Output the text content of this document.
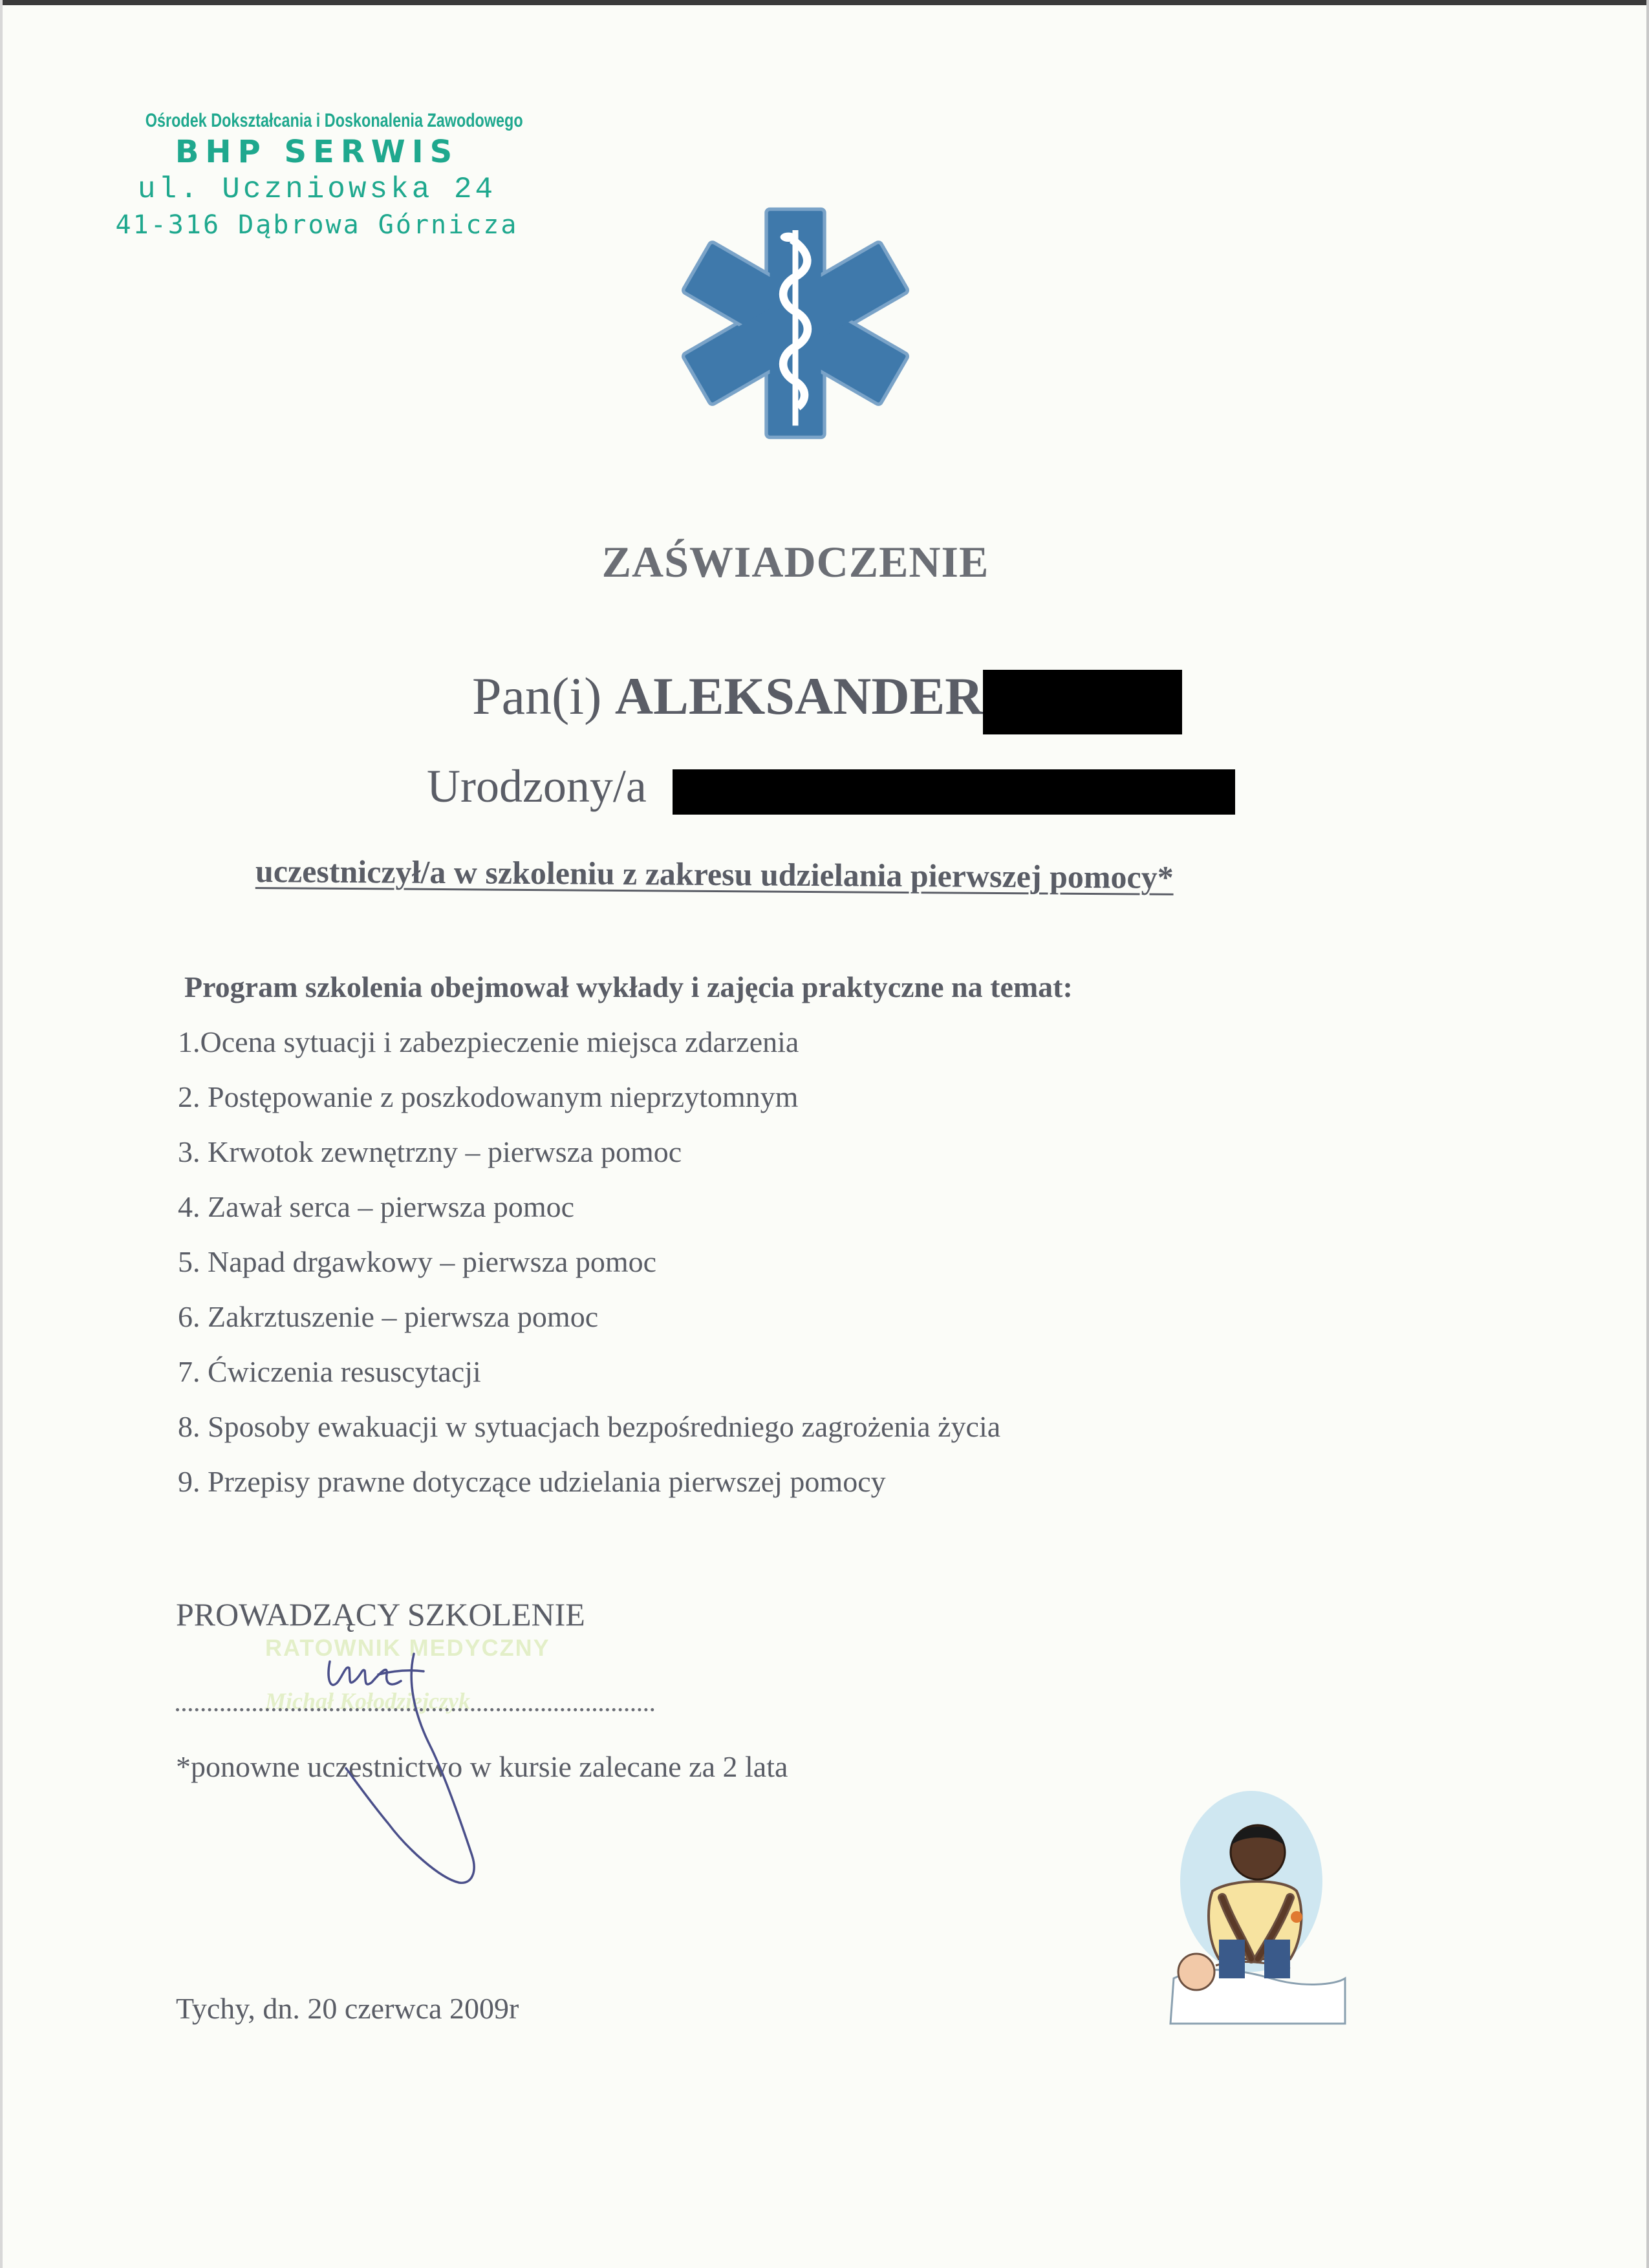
Ośrodek Dokształcania i Doskonalenia Zawodowego
BHP SERWIS
ul. Uczniowska 24
41-316 Dąbrowa Górnicza
ZAŚWIADCZENIE
Pan(i) ALEKSANDER
Urodzony/a
uczestniczył/a w szkoleniu z zakresu udzielania pierwszej pomocy*
Program szkolenia obejmował wykłady i zajęcia praktyczne na temat:
1.Ocena sytuacji i zabezpieczenie miejsca zdarzenia
2. Postępowanie z poszkodowanym nieprzytomnym
3. Krwotok zewnętrzny – pierwsza pomoc
4. Zawał serca – pierwsza pomoc
5. Napad drgawkowy – pierwsza pomoc
6. Zakrztuszenie – pierwsza pomoc
7. Ćwiczenia resuscytacji
8. Sposoby ewakuacji w sytuacjach bezpośredniego zagrożenia życia
9. Przepisy prawne dotyczące udzielania pierwszej pomocy
PROWADZĄCY SZKOLENIE
RATOWNIK MEDYCZNY
Michał Kołodziejczyk
*ponowne uczestnictwo w kursie zalecane za 2 lata
Tychy, dn. 20 czerwca 2009r
